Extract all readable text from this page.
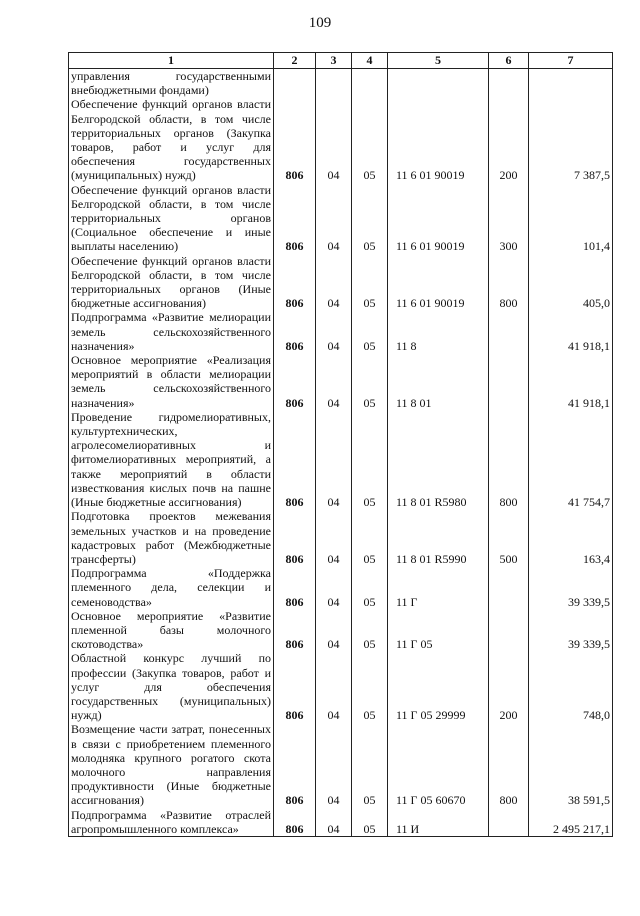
109
1	2	3	4	5	6	7
управления государственными внебюджетными фондами)						
Обеспечение функций органов власти Белгородской области, в том числе территориальных органов (Закупка товаров, работ и услуг для обеспечения государственных (муниципальных) нужд)	806	04	05	11 6 01 90019	200	7 387,5
Обеспечение функций органов власти Белгородской области, в том числе территориальных органов (Социальное обеспечение и иные выплаты населению)	806	04	05	11 6 01 90019	300	101,4
Обеспечение функций органов власти Белгородской области, в том числе территориальных органов (Иные бюджетные ассигнования)	806	04	05	11 6 01 90019	800	405,0
Подпрограмма «Развитие мелиорации земель сельскохозяйственного назначения»	806	04	05	11 8		41 918,1
Основное мероприятие «Реализация мероприятий в области мелиорации земель сельскохозяйственного назначения»	806	04	05	11 8 01		41 918,1
Проведение гидромелиоративных, культуртехнических, агролесомелиоративных и фитомелиоративных мероприятий, а также мероприятий в области известкования кислых почв на пашне (Иные бюджетные ассигнования)	806	04	05	11 8 01 R5980	800	41 754,7
Подготовка проектов межевания земельных участков и на проведение кадастровых работ (Межбюджетные трансферты)	806	04	05	11 8 01 R5990	500	163,4
Подпрограмма «Поддержка племенного дела, селекции и семеноводства»	806	04	05	11 Г		39 339,5
Основное мероприятие «Развитие племенной базы молочного скотоводства»	806	04	05	11 Г 05		39 339,5
Областной конкурс лучший по профессии (Закупка товаров, работ и услуг для обеспечения государственных (муниципальных) нужд)	806	04	05	11 Г 05 29999	200	748,0
Возмещение части затрат, понесенных в связи с приобретением племенного молодняка крупного рогатого скота молочного направления продуктивности (Иные бюджетные ассигнования)	806	04	05	11 Г 05 60670	800	38 591,5
Подпрограмма «Развитие отраслей агропромышленного комплекса»	806	04	05	11 И		2 495 217,1
